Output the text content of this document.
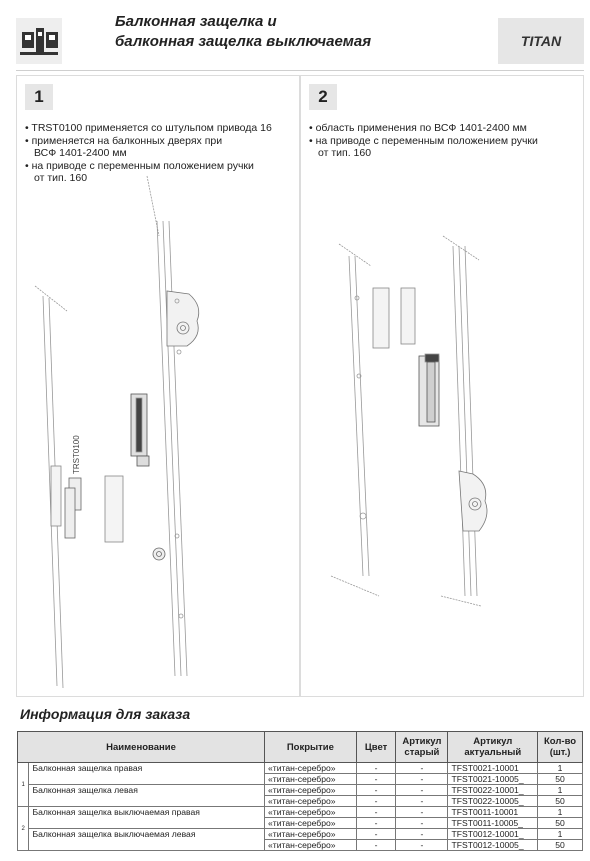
Балконная защелка и
балконная защелка выключаемая	TITAN
1
• TRST0100 применяется со штульпом привода 16
• применяется на балконных дверях при
ВСФ 1401-2400 мм
• на приводе с переменным положением ручки
от тип. 160
TRST0100
2
• область применения по ВСФ 1401-2400 мм
• на приводе с переменным положением ручки
от тип. 160
Информация для заказа
Наименование		Покрытие	Цвет	Артикул старый	Артикул актуальный	Кол-во (шт.)
1	Балконная защелка правая	«титан-серебро»	-	-	TFST0021-10001	1
		«титан-серебро»	-	-	TFST0021-10005_	50
	Балконная защелка левая	«титан-серебро»	-	-	TFST0022-10001_	1
		«титан-серебро»	-	-	TFST0022-10005_	50
2	Балконная защелка выключаемая правая	«титан-серебро»	-	-	TFST0011-10001	1
		«титан-серебро»	-	-	TFST0011-10005_	50
	Балконная защелка выключаемая левая	«титан-серебро»	-	-	TFST0012-10001_	1
		«титан-серебро»	-	-	TFST0012-10005_	50
